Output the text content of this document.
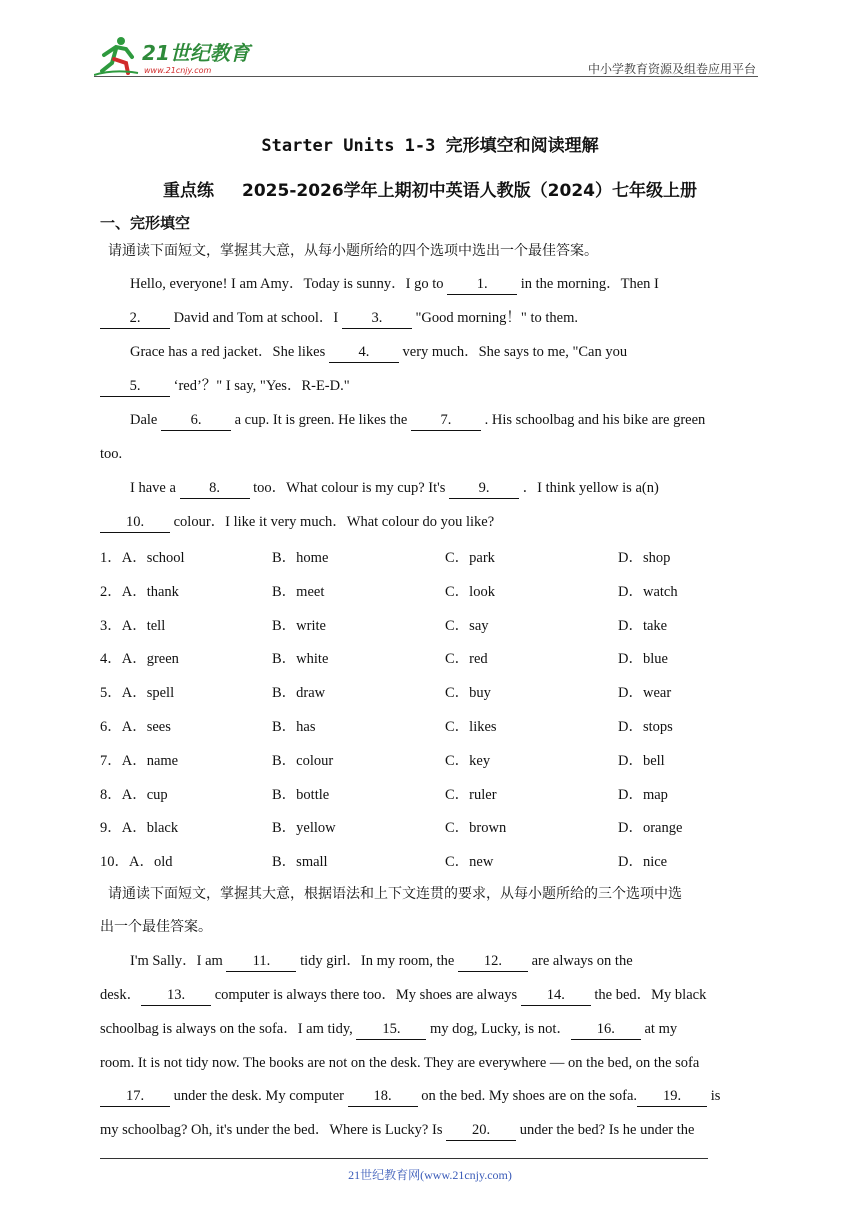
21世纪教育
www.21cnjy.com	中小学教育资源及组卷应用平台
Starter Units 1-3 完形填空和阅读理解
重点练 2025-2026学年上期初中英语人教版（2024）七年级上册
一、完形填空
请通读下面短文，掌握其大意，从每小题所给的四个选项中选出一个最佳答案。
Hello, everyone! I am Amy．Today is sunny．I go to 1. in the morning．Then I
2. David and Tom at school．I 3. "Good morning！" to them.
Grace has a red jacket．She likes 4. very much．She says to me, "Can you
5. ‘red’？" I say, "Yes．R-E-D."
Dale 6. a cup. It is green. He likes the 7. . His schoolbag and his bike are green
too.
I have a 8. too．What colour is my cup? It's 9. ．I think yellow is a(n)
10. colour．I like it very much．What colour do you like?
1．A．school	B．home	C．park	D．shop
2．A．thank	B．meet	C．look	D．watch
3．A．tell	B．write	C．say	D．take
4．A．green	B．white	C．red	D．blue
5．A．spell	B．draw	C．buy	D．wear
6．A．sees	B．has	C．likes	D．stops
7．A．name	B．colour	C．key	D．bell
8．A．cup	B．bottle	C．ruler	D．map
9．A．black	B．yellow	C．brown	D．orange
10．A．old	B．small	C．new	D．nice
请通读下面短文，掌握其大意，根据语法和上下文连贯的要求，从每小题所给的三个选项中选
出一个最佳答案。
I'm Sally．I am 11. tidy girl．In my room, the 12. are always on the
desk． 13. computer is always there too．My shoes are always 14. the bed．My black
schoolbag is always on the sofa．I am tidy, 15. my dog, Lucky, is not． 16. at my
room. It is not tidy now. The books are not on the desk. They are everywhere — on the bed, on the sofa
17. under the desk. My computer 18. on the bed. My shoes are on the sofa. 19. is
my schoolbag? Oh, it's under the bed．Where is Lucky? Is 20. under the bed? Is he under the
21世纪教育网(www.21cnjy.com)
